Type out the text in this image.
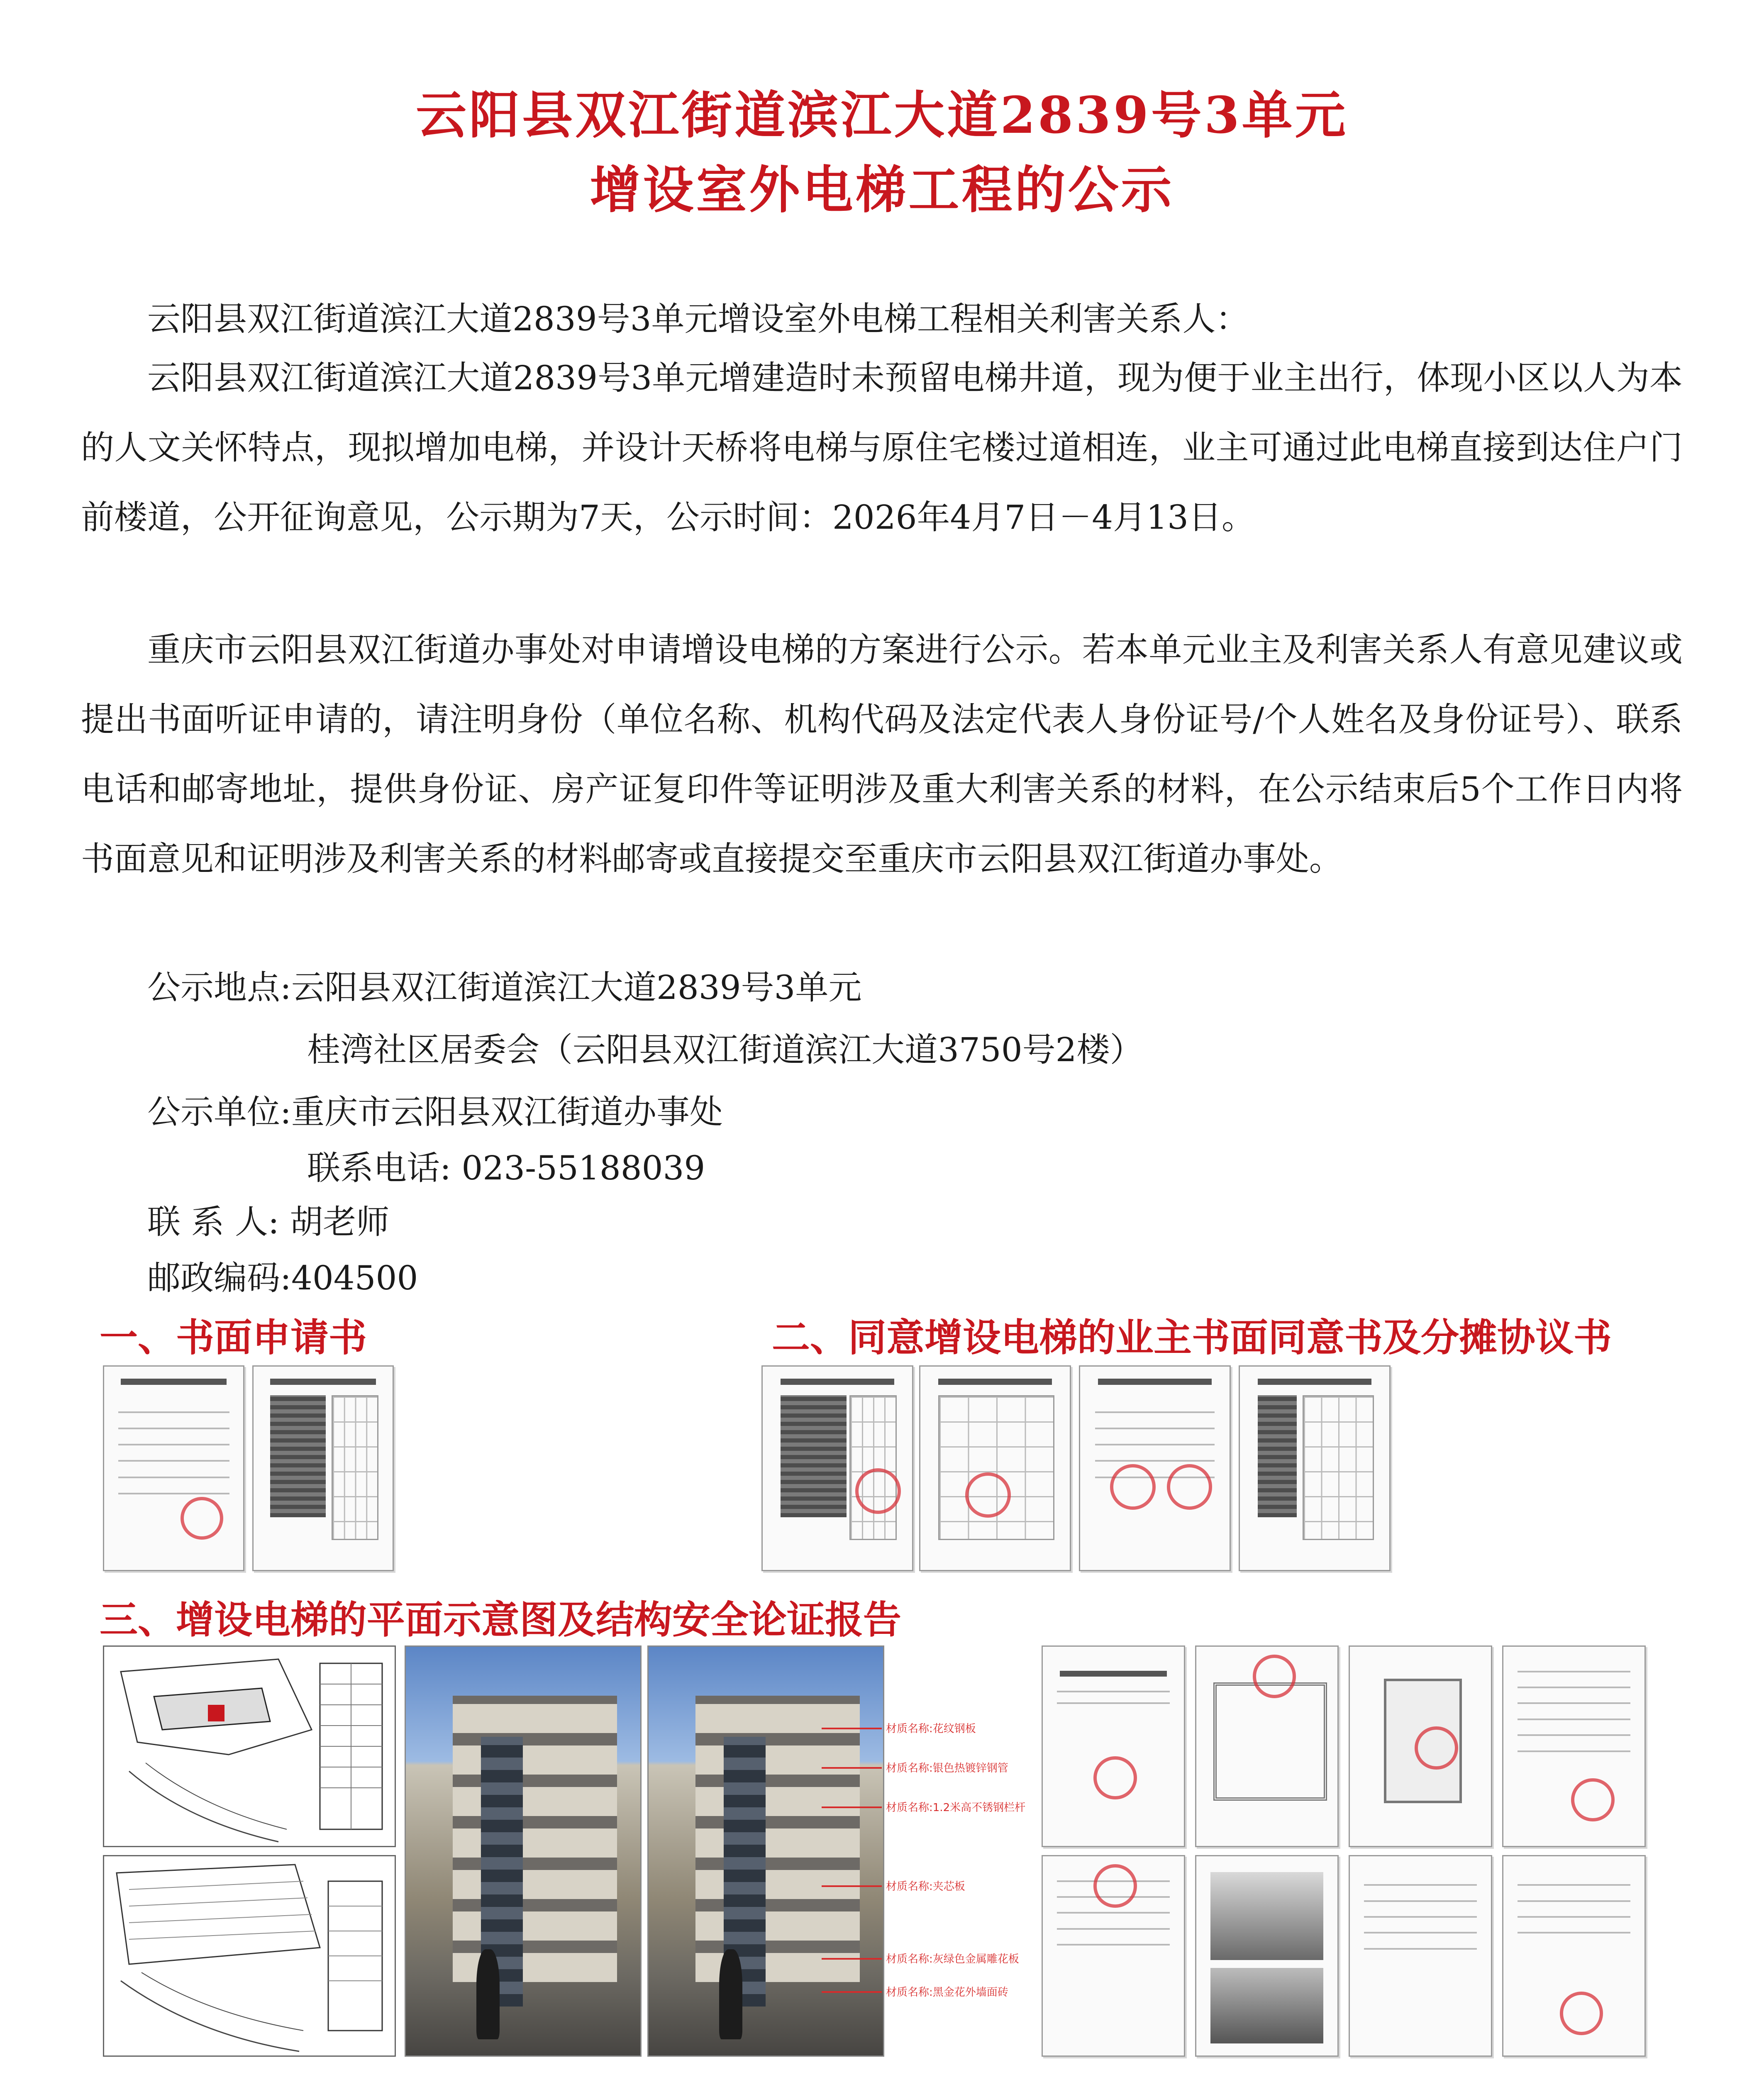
云阳县双江街道滨江大道2839号3单元
增设室外电梯工程的公示
云阳县双江街道滨江大道2839号3单元增设室外电梯工程相关利害关系人：
云阳县双江街道滨江大道2839号3单元增建造时未预留电梯井道，现为便于业主出行，体现小区以人为本的人文关怀特点，现拟增加电梯，并设计天桥将电梯与原住宅楼过道相连，业主可通过此电梯直接到达住户门前楼道，公开征询意见，公示期为7天，公示时间：2026年4月7日－4月13日。
重庆市云阳县双江街道办事处对申请增设电梯的方案进行公示。若本单元业主及利害关系人有意见建议或提出书面听证申请的，请注明身份（单位名称、机构代码及法定代表人身份证号/个人姓名及身份证号）、联系电话和邮寄地址，提供身份证、房产证复印件等证明涉及重大利害关系的材料，在公示结束后5个工作日内将书面意见和证明涉及利害关系的材料邮寄或直接提交至重庆市云阳县双江街道办事处。
公示地点:云阳县双江街道滨江大道2839号3单元
桂湾社区居委会（云阳县双江街道滨江大道3750号2楼）
公示单位:重庆市云阳县双江街道办事处
联系电话: 023-55188039
联 系 人: 胡老师
邮政编码:404500
一、书面申请书	二、同意增设电梯的业主书面同意书及分摊协议书
三、增设电梯的平面示意图及结构安全论证报告
材质名称:花纹钢板
材质名称:银色热镀锌钢管
材质名称:1.2米高不锈钢栏杆
材质名称:夹芯板
材质名称:灰绿色金属雕花板
材质名称:黑金花外墙面砖
